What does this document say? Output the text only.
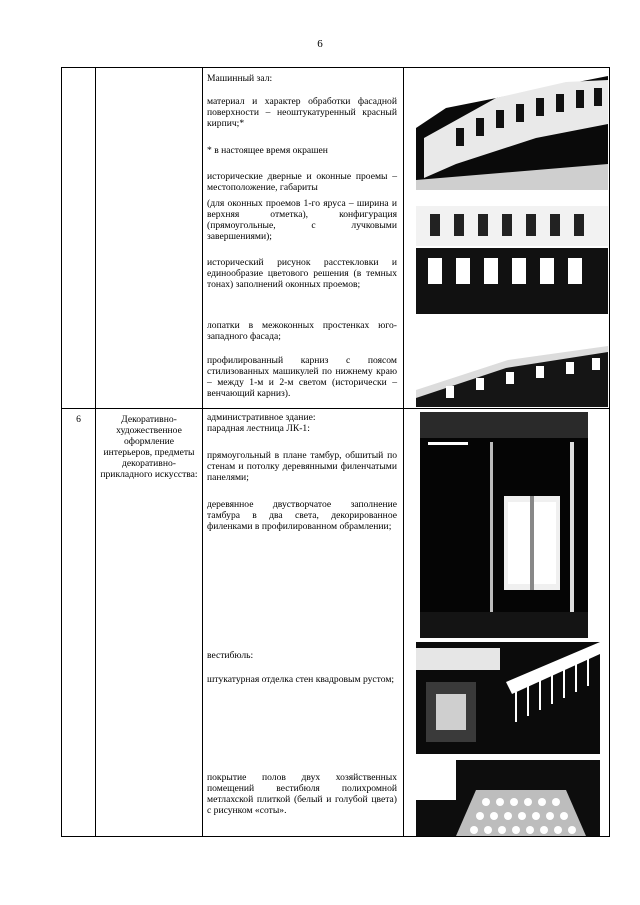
6
Машинный зал:
материал и характер обработки фасадной поверхности – неоштукатуренный красный кирпич;*
* в настоящее время окрашен
исторические дверные и оконные проемы – местоположение, габариты
(для оконных проемов 1-го яруса – ширина и верхняя отметка), конфигурация (прямоугольные, с лучковыми завершениями);
исторический рисунок расстекловки и единообразие цветового решения (в темных тонах) заполнений оконных проемов;
лопатки в межоконных простенках юго-западного фасада;
профилированный карниз с поясом стилизованных машикулей по нижнему краю – между 1-м и 2-м светом (исторически – венчающий карниз).
6	Декоративно-художественное оформление интерьеров, предметы декоративно-прикладного искусства:
административное здание:
парадная лестница ЛК-1:
прямоугольный в плане тамбур, обшитый по стенам и потолку деревянными филенчатыми панелями;
деревянное двустворчатое заполнение тамбура в два света, декорированное филенками в профилированном обрамлении;
вестибюль:
штукатурная отделка стен квадровым рустом;
покрытие полов двух хозяйственных помещений вестибюля полихромной метлахской плиткой (белый и голубой цвета) с рисунком «соты».
